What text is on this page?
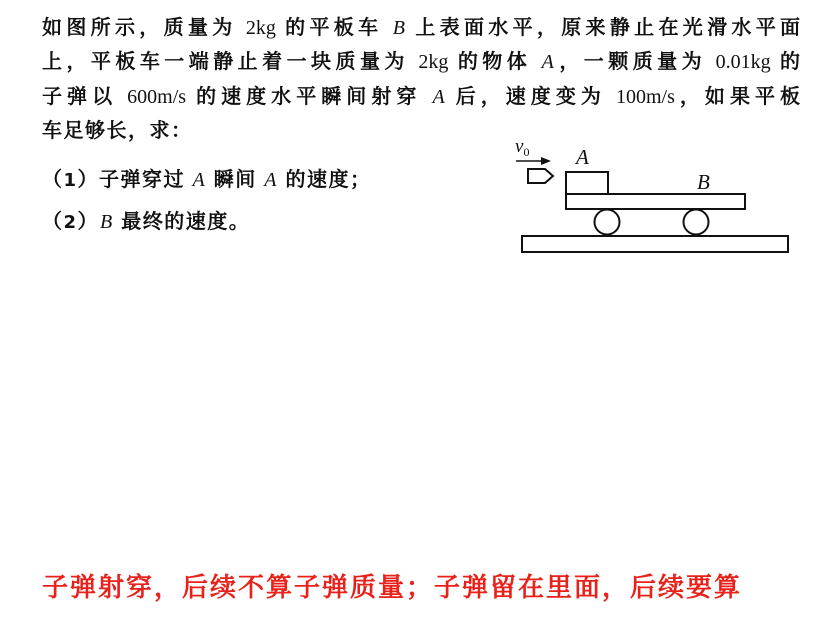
如图所示，质量为 2kg 的平板车 B 上表面水平，原来静止在光滑水平面
上，平板车一端静止着一块质量为 2kg 的物体 A，一颗质量为 0.01kg 的
子弹以 600m/s 的速度水平瞬间射穿 A 后，速度变为 100m/s，如果平板
车足够长，求：
（1）子弹穿过 A 瞬间 A 的速度；
（2）B 最终的速度。
$v_0$ A
B
子弹射穿，后续不算子弹质量；子弹留在里面，后续要算
